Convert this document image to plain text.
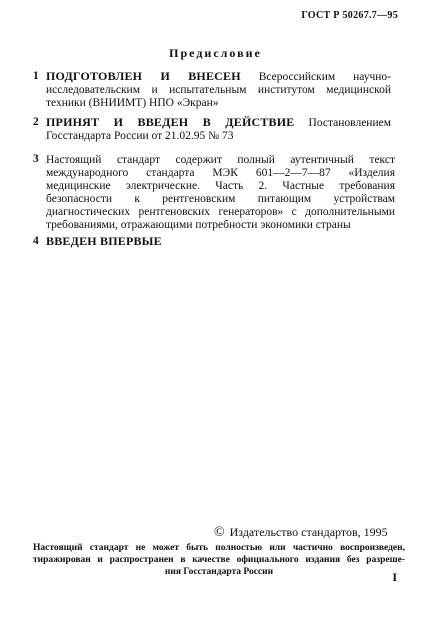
ГОСТ Р 50267.7—95
Предисловие
1 ПОДГОТОВЛЕН И ВНЕСЕН Всероссийским научно-исследовательским и испытательным институтом медицинской техники (ВНИИМТ) НПО «Экран»
2 ПРИНЯТ И ВВЕДЕН В ДЕЙСТВИЕ Постановлением Госстандарта России от 21.02.95 № 73
3 Настоящий стандарт содержит полный аутентичный текст международного стандарта МЭК 601—2—7—87 «Изделия медицинские электрические. Часть 2. Частные требования безопасности к рентгеновским питающим устройствам диагностических рентгеновских генераторов» с дополнительными требованиями, отражающими потребности экономики страны
4 ВВЕДЕН ВПЕРВЫЕ
© Издательство стандартов, 1995
Настоящий стандарт не может быть полностью или частично воспроизведен,
тиражирован и распространен в качестве официального издания без разреше-
ния Госстандарта России	I
